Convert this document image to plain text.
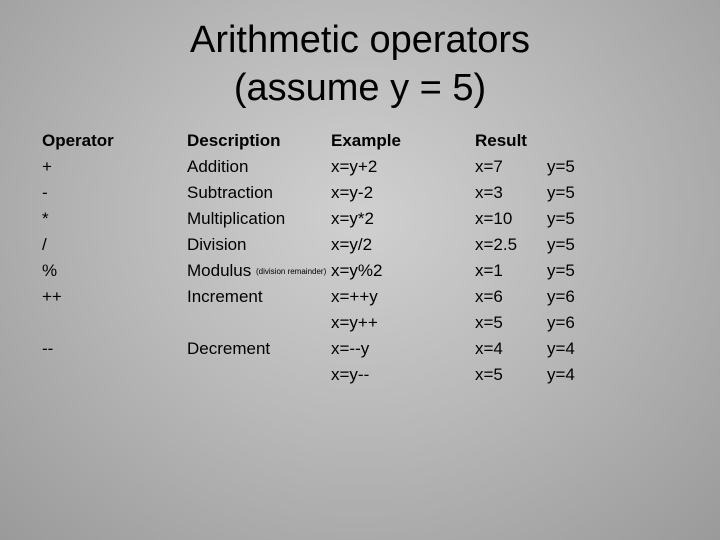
Arithmetic operators
(assume y = 5)
Operator
+
-
*
/
%
++
--
Description
Addition
Subtraction
Multiplication
Division
Modulus (division remainder)
Increment
Decrement
Example
x=y+2
x=y-2
x=y*2
x=y/2
x=y%2
x=++y
x=y++
x=--y
x=y--
Result
x=7
x=3
x=10
x=2.5
x=1
x=6
x=5
x=4
x=5
y=5
y=5
y=5
y=5
y=5
y=6
y=6
y=4
y=4
